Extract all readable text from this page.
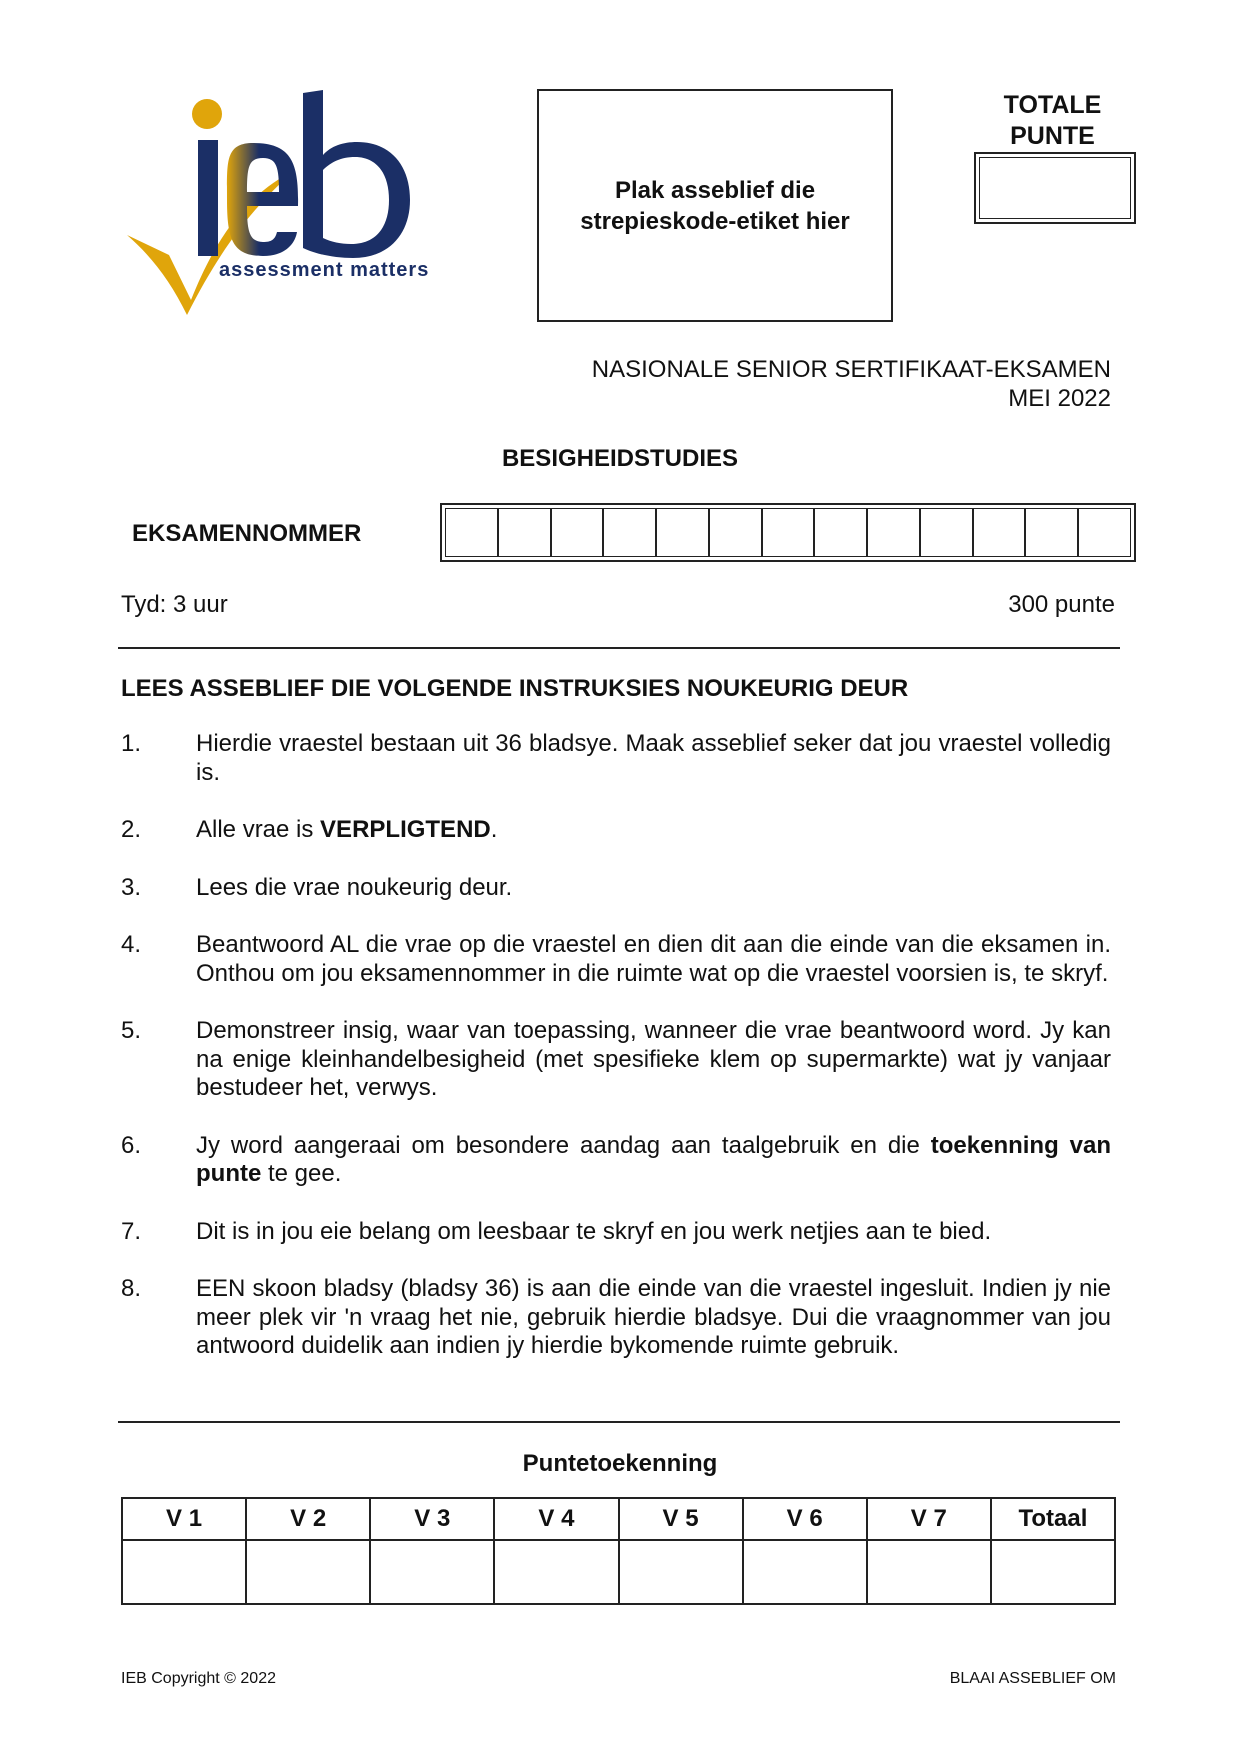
assessment matters
Plak asseblief die
strepieskode-etiket hier
TOTALE
PUNTE
NASIONALE SENIOR SERTIFIKAAT-EKSAMEN
MEI 2022
BESIGHEIDSTUDIES
EKSAMENNOMMER
Tyd: 3 uur	300 punte
LEES ASSEBLIEF DIE VOLGENDE INSTRUKSIES NOUKEURIG DEUR
1.	Hierdie vraestel bestaan uit 36 bladsye. Maak asseblief seker dat jou vraestel volledig is.
2.	Alle vrae is VERPLIGTEND.
3.	Lees die vrae noukeurig deur.
4.	Beantwoord AL die vrae op die vraestel en dien dit aan die einde van die eksamen in. Onthou om jou eksamennommer in die ruimte wat op die vraestel voorsien is, te skryf.
5.	Demonstreer insig, waar van toepassing, wanneer die vrae beantwoord word. Jy kan na enige kleinhandelbesigheid (met spesifieke klem op supermarkte) wat jy vanjaar bestudeer het, verwys.
6.	Jy word aangeraai om besondere aandag aan taalgebruik en die toekenning van punte te gee.
7.	Dit is in jou eie belang om leesbaar te skryf en jou werk netjies aan te bied.
8.	EEN skoon bladsy (bladsy 36) is aan die einde van die vraestel ingesluit. Indien jy nie meer plek vir 'n vraag het nie, gebruik hierdie bladsye. Dui die vraagnommer van jou antwoord duidelik aan indien jy hierdie bykomende ruimte gebruik.
Puntetoekenning
V 1	V 2	V 3	V 4	V 5	V 6	V 7	Totaal

IEB Copyright © 2022	BLAAI ASSEBLIEF OM
